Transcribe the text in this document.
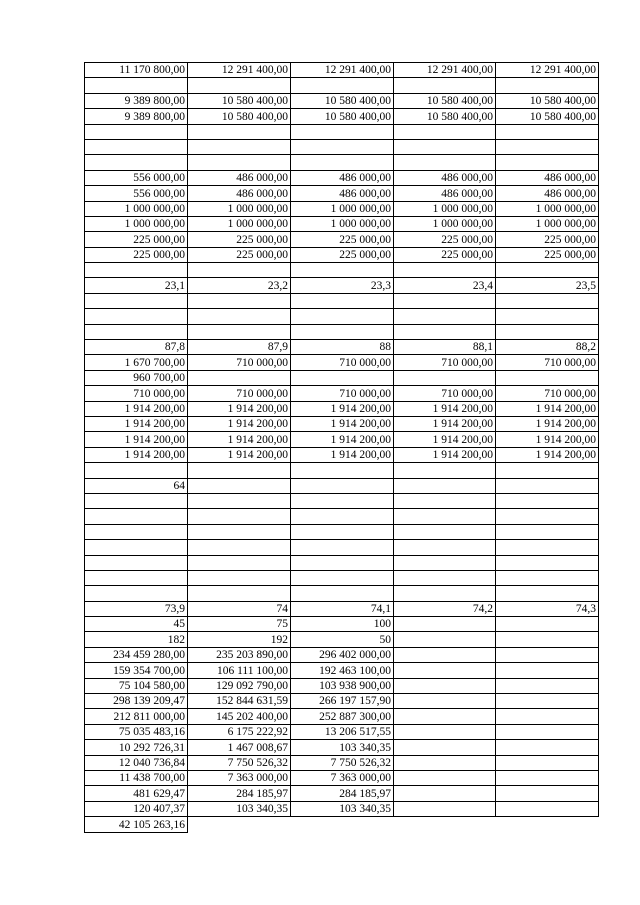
11 170 800,00	12 291 400,00	12 291 400,00	12 291 400,00	12 291 400,00

9 389 800,00	10 580 400,00	10 580 400,00	10 580 400,00	10 580 400,00
9 389 800,00	10 580 400,00	10 580 400,00	10 580 400,00	10 580 400,00

556 000,00	486 000,00	486 000,00	486 000,00	486 000,00
556 000,00	486 000,00	486 000,00	486 000,00	486 000,00
1 000 000,00	1 000 000,00	1 000 000,00	1 000 000,00	1 000 000,00
1 000 000,00	1 000 000,00	1 000 000,00	1 000 000,00	1 000 000,00
225 000,00	225 000,00	225 000,00	225 000,00	225 000,00
225 000,00	225 000,00	225 000,00	225 000,00	225 000,00

23,1	23,2	23,3	23,4	23,5

87,8	87,9	88	88,1	88,2
1 670 700,00	710 000,00	710 000,00	710 000,00	710 000,00
960 700,00				
710 000,00	710 000,00	710 000,00	710 000,00	710 000,00
1 914 200,00	1 914 200,00	1 914 200,00	1 914 200,00	1 914 200,00
1 914 200,00	1 914 200,00	1 914 200,00	1 914 200,00	1 914 200,00
1 914 200,00	1 914 200,00	1 914 200,00	1 914 200,00	1 914 200,00
1 914 200,00	1 914 200,00	1 914 200,00	1 914 200,00	1 914 200,00

64				

73,9	74	74,1	74,2	74,3
45	75	100		
182	192	50		
234 459 280,00	235 203 890,00	296 402 000,00		
159 354 700,00	106 111 100,00	192 463 100,00		
75 104 580,00	129 092 790,00	103 938 900,00		
298 139 209,47	152 844 631,59	266 197 157,90		
212 811 000,00	145 202 400,00	252 887 300,00		
75 035 483,16	6 175 222,92	13 206 517,55		
10 292 726,31	1 467 008,67	103 340,35		
12 040 736,84	7 750 526,32	7 750 526,32		
11 438 700,00	7 363 000,00	7 363 000,00		
481 629,47	284 185,97	284 185,97		
120 407,37	103 340,35	103 340,35		
42 105 263,16				
